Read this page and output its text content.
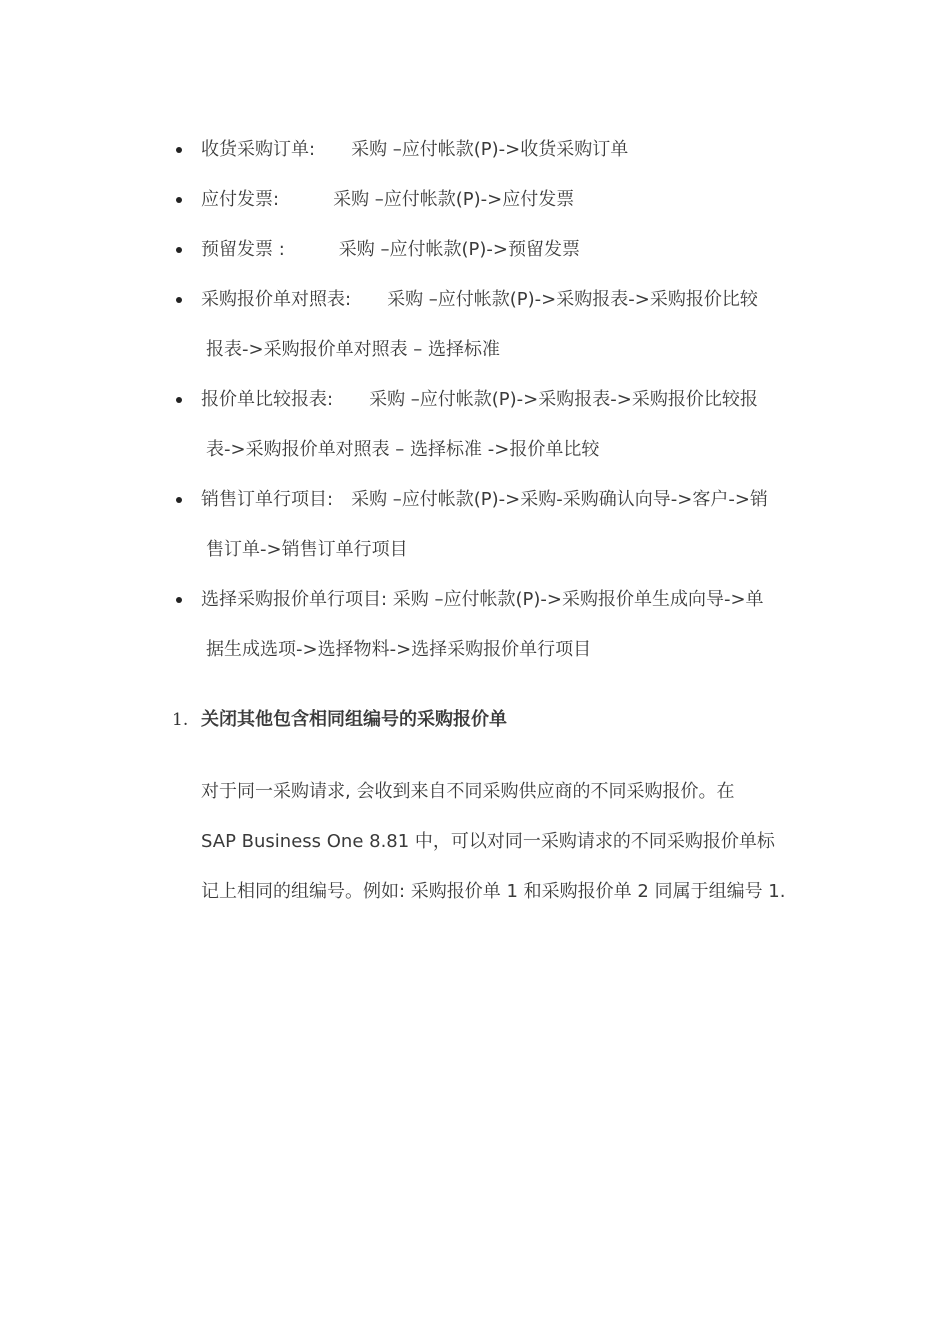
收货采购订单:　　采购 –应付帐款(P)->收货采购订单
应付发票:　　　采购 –应付帐款(P)->应付发票
预留发票 :　　　采购 –应付帐款(P)->预留发票
采购报价单对照表:　　采购 –应付帐款(P)->采购报表->采购报价比较
报表->采购报价单对照表 – 选择标准
报价单比较报表:　　采购 –应付帐款(P)->采购报表->采购报价比较报
表->采购报价单对照表 – 选择标准 ->报价单比较
销售订单行项目:　采购 –应付帐款(P)->采购-采购确认向导->客户->销
售订单->销售订单行项目
选择采购报价单行项目: 采购 –应付帐款(P)->采购报价单生成向导->单
据生成选项->选择物料->选择采购报价单行项目
1. 关闭其他包含相同组编号的采购报价单
对于同一采购请求, 会收到来自不同采购供应商的不同采购报价。在
SAP Business One 8.81 中，可以对同一采购请求的不同采购报价单标
记上相同的组编号。例如: 采购报价单 1 和采购报价单 2 同属于组编号 1.
